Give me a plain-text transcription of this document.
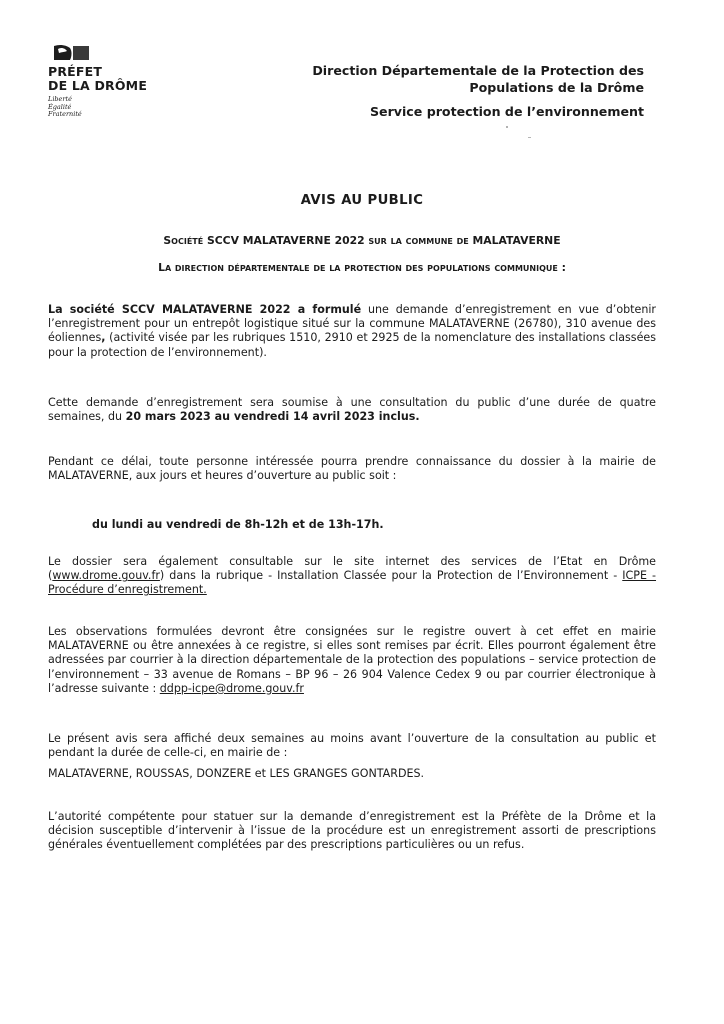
PRÉFET
DE LA DRÔME
Liberté
Égalité
Fraternité
Direction Départementale de la Protection des
Populations de la Drôme
Service protection de l’environnement
AVIS AU PUBLIC
Société SCCV MALATAVERNE 2022 sur la commune de MALATAVERNE
La direction départementale de la protection des populations communique :
La société SCCV MALATAVERNE 2022 a formulé une demande d’enregistrement en vue d’obtenir l’enregistrement pour un entrepôt logistique situé sur la commune MALATAVERNE (26780), 310 avenue des éoliennes, (activité visée par les rubriques 1510, 2910 et 2925 de la nomenclature des installations classées pour la protection de l’environnement).
Cette demande d’enregistrement sera soumise à une consultation du public d’une durée de quatre semaines, du 20 mars 2023 au vendredi 14 avril 2023 inclus.
Pendant ce délai, toute personne intéressée pourra prendre connaissance du dossier à la mairie de MALATAVERNE, aux jours et heures d’ouverture au public soit :
du lundi au vendredi de 8h-12h et de 13h-17h.
Le dossier sera également consultable sur le site internet des services de l’Etat en Drôme (www.drome.gouv.fr) dans la rubrique - Installation Classée pour la Protection de l’Environnement - ICPE - Procédure d’enregistrement.
Les observations formulées devront être consignées sur le registre ouvert à cet effet en mairie MALATAVERNE ou être annexées à ce registre, si elles sont remises par écrit. Elles pourront également être adressées par courrier à la direction départementale de la protection des populations – service protection de l’environnement – 33 avenue de Romans – BP 96 – 26 904 Valence Cedex 9 ou par courrier électronique à l’adresse suivante : ddpp-icpe@drome.gouv.fr
Le présent avis sera affiché deux semaines au moins avant l’ouverture de la consultation au public et pendant la durée de celle-ci, en mairie de :
MALATAVERNE, ROUSSAS, DONZERE et LES GRANGES GONTARDES.
L’autorité compétente pour statuer sur la demande d’enregistrement est la Préfète de la Drôme et la décision susceptible d’intervenir à l’issue de la procédure est un enregistrement assorti de prescriptions générales éventuellement complétées par des prescriptions particulières ou un refus.
